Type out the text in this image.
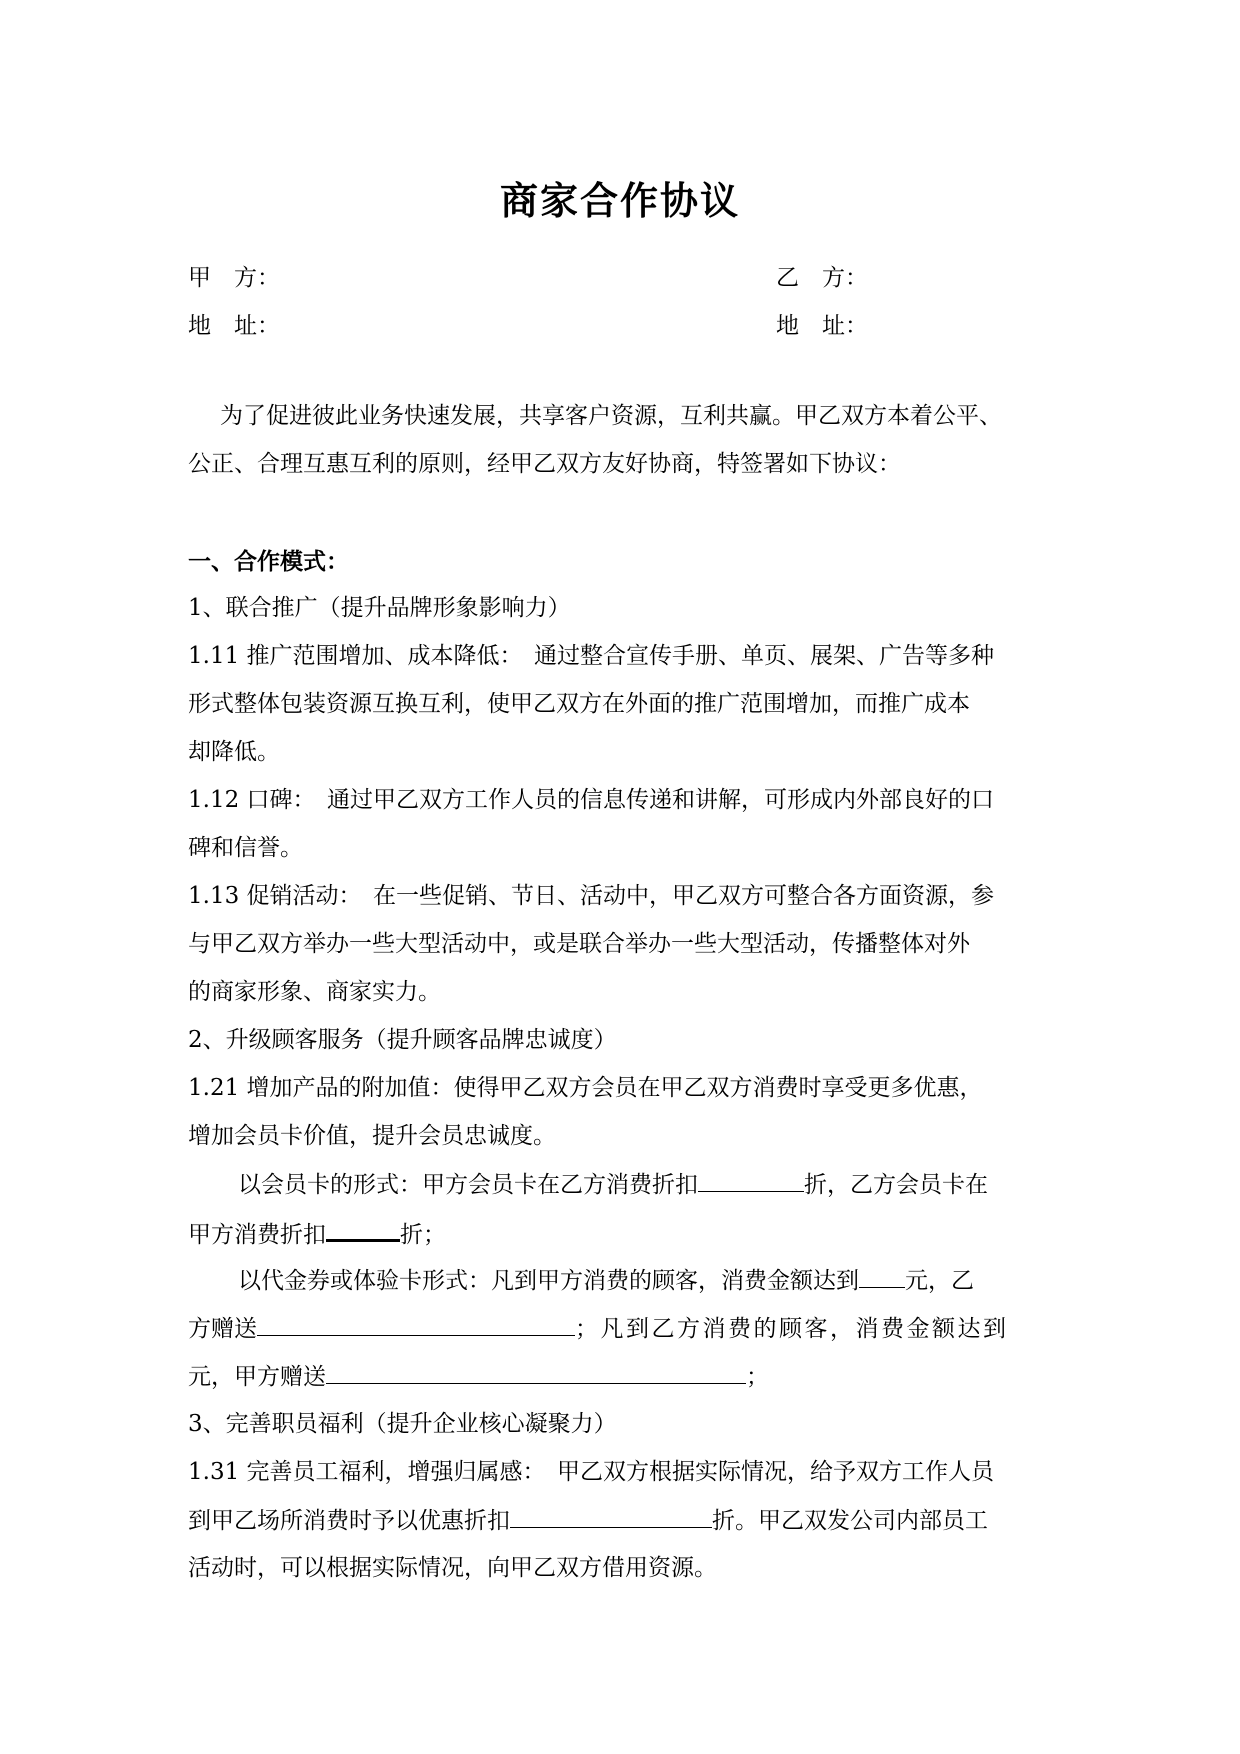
商家合作协议
甲　方：	乙　方：
地　址：	地　址：
为了促进彼此业务快速发展，共享客户资源，互利共赢。甲乙双方本着公平、
公正、合理互惠互利的原则，经甲乙双方友好协商，特签署如下协议：
一、合作模式：
1、联合推广（提升品牌形象影响力）
1.11 推广范围增加、成本降低：　通过整合宣传手册、单页、展架、广告等多种
形式整体包装资源互换互利，使甲乙双方在外面的推广范围增加，而推广成本
却降低。
1.12 口碑：　通过甲乙双方工作人员的信息传递和讲解，可形成内外部良好的口
碑和信誉。
1.13 促销活动：　在一些促销、节日、活动中，甲乙双方可整合各方面资源，参
与甲乙双方举办一些大型活动中，或是联合举办一些大型活动，传播整体对外
的商家形象、商家实力。
2、升级顾客服务（提升顾客品牌忠诚度）
1.21 增加产品的附加值：使得甲乙双方会员在甲乙双方消费时享受更多优惠，
增加会员卡价值，提升会员忠诚度。
以会员卡的形式：甲方会员卡在乙方消费折扣	折，乙方会员卡在
甲方消费折扣	折；
以代金券或体验卡形式：凡到甲方消费的顾客，消费金额达到 元，乙
方赠送	；凡到乙方消费的顾客，消费金额达到
元，甲方赠送	；
3、完善职员福利（提升企业核心凝聚力）
1.31 完善员工福利，增强归属感：　甲乙双方根据实际情况，给予双方工作人员
到甲乙场所消费时予以优惠折扣	折。甲乙双发公司内部员工
活动时，可以根据实际情况，向甲乙双方借用资源。
